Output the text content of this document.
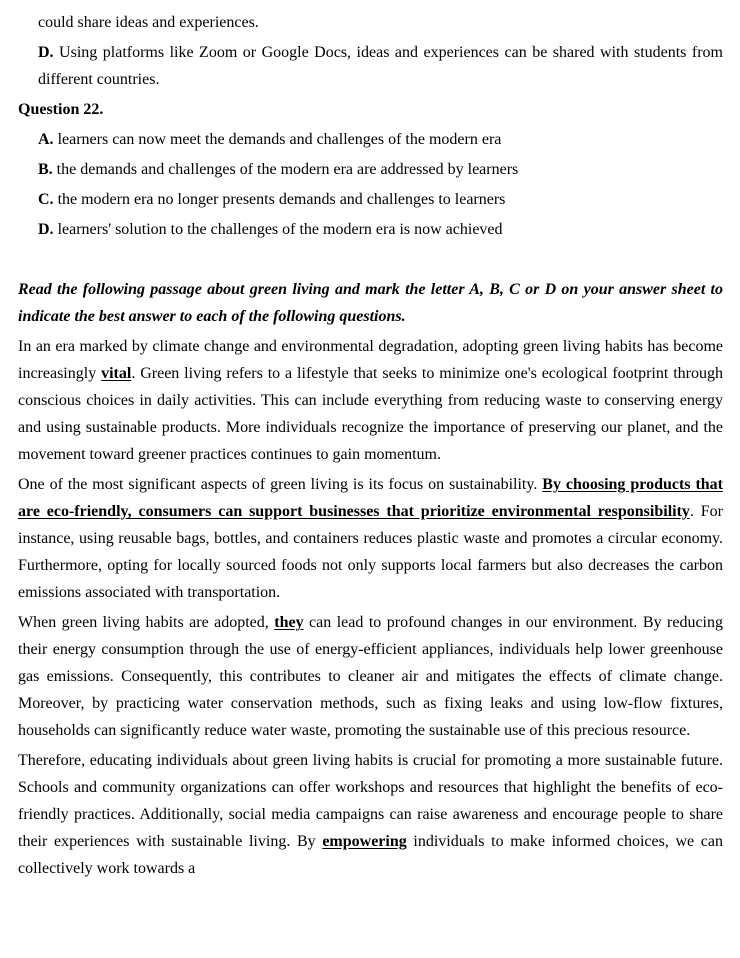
could share ideas and experiences.

D. Using platforms like Zoom or Google Docs, ideas and experiences can be shared with students from different countries.

Question 22.

A. learners can now meet the demands and challenges of the modern era

B. the demands and challenges of the modern era are addressed by learners

C. the modern era no longer presents demands and challenges to learners

D. learners' solution to the challenges of the modern era is now achieved

Read the following passage about green living and mark the letter A, B, C or D on your answer sheet to indicate the best answer to each of the following questions.

In an era marked by climate change and environmental degradation, adopting green living habits has become increasingly vital. Green living refers to a lifestyle that seeks to minimize one's ecological footprint through conscious choices in daily activities. This can include everything from reducing waste to conserving energy and using sustainable products. More individuals recognize the importance of preserving our planet, and the movement toward greener practices continues to gain momentum.

One of the most significant aspects of green living is its focus on sustainability. By choosing products that are eco-friendly, consumers can support businesses that prioritize environmental responsibility. For instance, using reusable bags, bottles, and containers reduces plastic waste and promotes a circular economy. Furthermore, opting for locally sourced foods not only supports local farmers but also decreases the carbon emissions associated with transportation.

When green living habits are adopted, they can lead to profound changes in our environment. By reducing their energy consumption through the use of energy-efficient appliances, individuals help lower greenhouse gas emissions. Consequently, this contributes to cleaner air and mitigates the effects of climate change. Moreover, by practicing water conservation methods, such as fixing leaks and using low-flow fixtures, households can significantly reduce water waste, promoting the sustainable use of this precious resource.

Therefore, educating individuals about green living habits is crucial for promoting a more sustainable future. Schools and community organizations can offer workshops and resources that highlight the benefits of eco-friendly practices. Additionally, social media campaigns can raise awareness and encourage people to share their experiences with sustainable living. By empowering individuals to make informed choices, we can collectively work towards a
